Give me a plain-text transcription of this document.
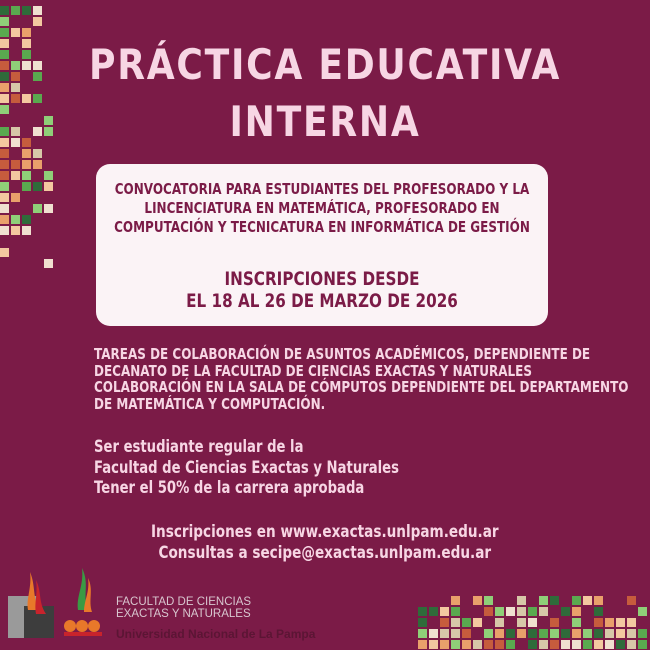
PRÁCTICA EDUCATIVA
INTERNA
CONVOCATORIA PARA ESTUDIANTES DEL PROFESORADO Y LA
LINCENCIATURA EN MATEMÁTICA, PROFESORADO EN
COMPUTACIÓN Y TECNICATURA EN INFORMÁTICA DE GESTIÓN
INSCRIPCIONES DESDE
EL 18 AL 26 DE MARZO DE 2026
TAREAS DE COLABORACIÓN DE ASUNTOS ACADÉMICOS, DEPENDIENTE DE
DECANATO DE LA FACULTAD DE CIENCIAS EXACTAS Y NATURALES
COLABORACIÓN EN LA SALA DE CÓMPUTOS DEPENDIENTE DEL DEPARTAMENTO
DE MATEMÁTICA Y COMPUTACIÓN.
Ser estudiante regular de la
Facultad de Ciencias Exactas y Naturales
Tener el 50% de la carrera aprobada
Inscripciones en www.exactas.unlpam.edu.ar
Consultas a secipe@exactas.unlpam.edu.ar
FACULTAD DE CIENCIAS
EXACTAS Y NATURALES
Universidad Nacional de La Pampa
